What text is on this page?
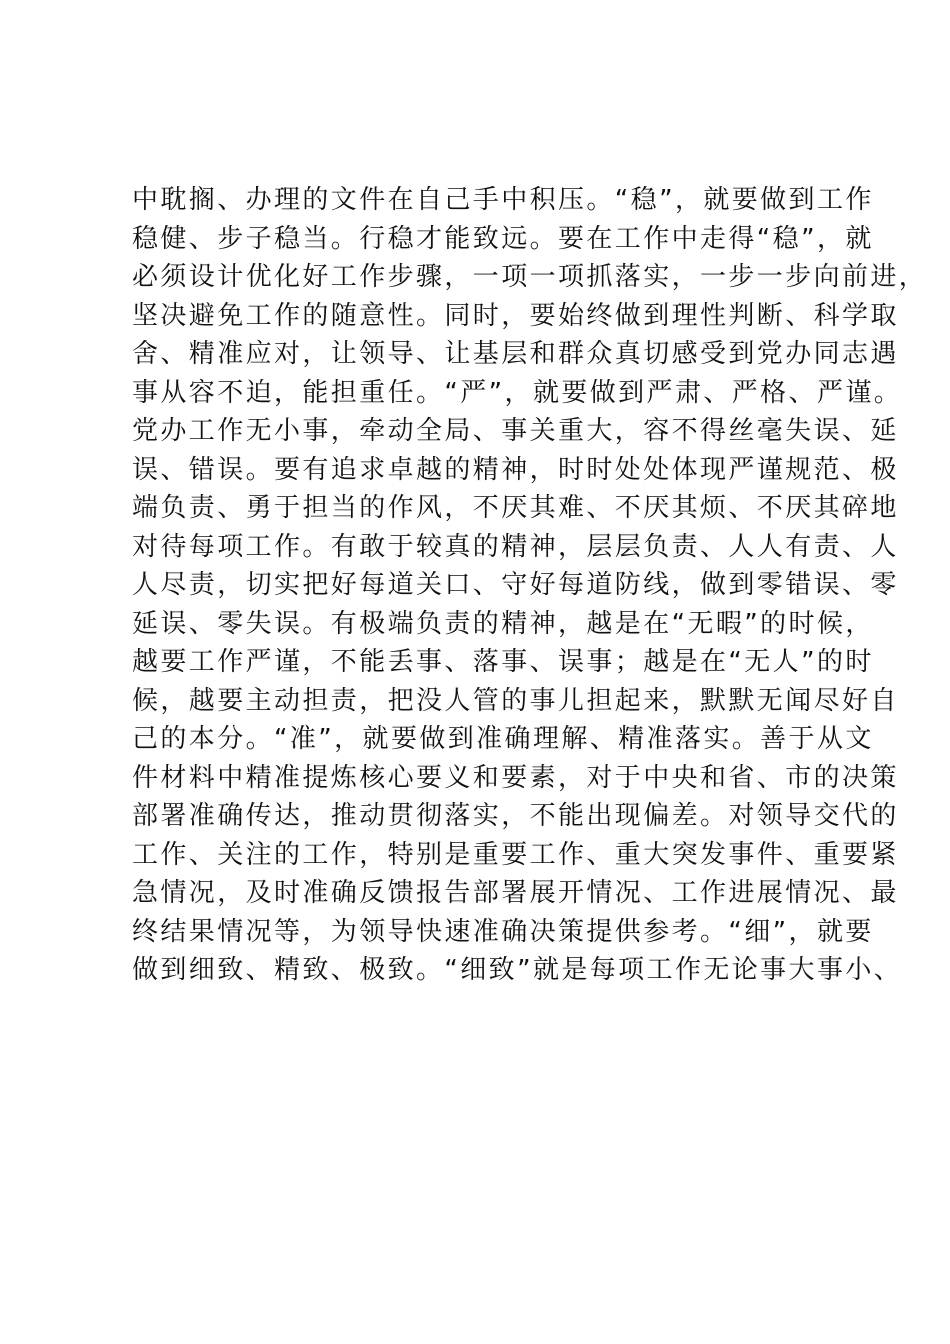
中耽搁、办理的文件在自己手中积压。“稳”，就要做到工作
稳健、步子稳当。行稳才能致远。要在工作中走得“稳”，就
必须设计优化好工作步骤，一项一项抓落实，一步一步向前进，
坚决避免工作的随意性。同时，要始终做到理性判断、科学取
舍、精准应对，让领导、让基层和群众真切感受到党办同志遇
事从容不迫，能担重任。“严”，就要做到严肃、严格、严谨。
党办工作无小事，牵动全局、事关重大，容不得丝毫失误、延
误、错误。要有追求卓越的精神，时时处处体现严谨规范、极
端负责、勇于担当的作风，不厌其难、不厌其烦、不厌其碎地
对待每项工作。有敢于较真的精神，层层负责、人人有责、人
人尽责，切实把好每道关口、守好每道防线，做到零错误、零
延误、零失误。有极端负责的精神，越是在“无暇”的时候，
越要工作严谨，不能丢事、落事、误事；越是在“无人”的时
候，越要主动担责，把没人管的事儿担起来，默默无闻尽好自
己的本分。“准”，就要做到准确理解、精准落实。善于从文
件材料中精准提炼核心要义和要素，对于中央和省、市的决策
部署准确传达，推动贯彻落实，不能出现偏差。对领导交代的
工作、关注的工作，特别是重要工作、重大突发事件、重要紧
急情况，及时准确反馈报告部署展开情况、工作进展情况、最
终结果情况等，为领导快速准确决策提供参考。“细”，就要
做到细致、精致、极致。“细致”就是每项工作无论事大事小、
